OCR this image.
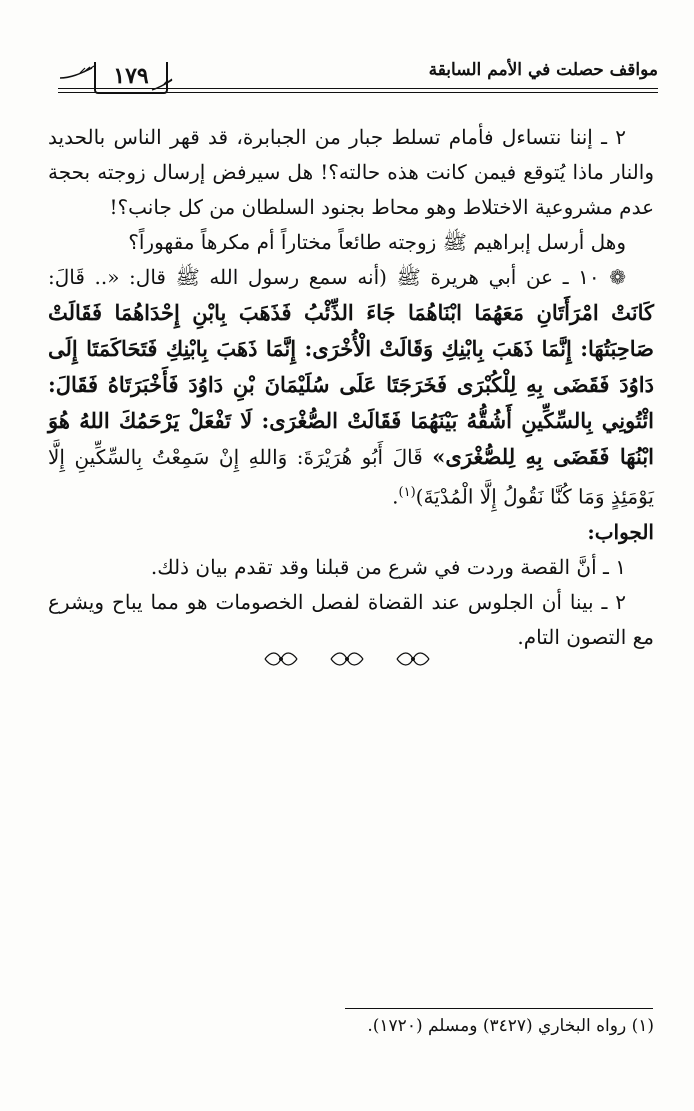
مواقف حصلت في الأمم السابقة
١٧٩

٢ ـ إننا نتساءل فأمام تسلط جبار من الجبابرة، قد قهر الناس بالحديد والنار ماذا يُتوقع فيمن كانت هذه حالته؟! هل سيرفض إرسال زوجته بحجة عدم مشروعية الاختلاط وهو محاط بجنود السلطان من كل جانب؟!

وهل أرسل إبراهيم ﷺ زوجته طائعاً مختاراً أم مكرهاً مقهوراً؟

❁ ١٠ ـ عن أبي هريرة ﷺ (أنه سمع رسول الله ﷺ قال: «.. قَالَ: كَانَتْ امْرَأَتَانِ مَعَهُمَا ابْنَاهُمَا جَاءَ الذِّئْبُ فَذَهَبَ بِابْنِ إِحْدَاهُمَا فَقَالَتْ صَاحِبَتُهَا: إِنَّمَا ذَهَبَ بِابْنِكِ وَقَالَتْ الْأُخْرَى: إِنَّمَا ذَهَبَ بِابْنِكِ فَتَحَاكَمَتَا إِلَى دَاوُدَ فَقَضَى بِهِ لِلْكُبْرَى فَخَرَجَتَا عَلَى سُلَيْمَانَ بْنِ دَاوُدَ فَأَخْبَرَتَاهُ فَقَالَ: ائْتُونِي بِالسِّكِّينِ أَشُقُّهُ بَيْنَهُمَا فَقَالَتْ الصُّغْرَى: لَا تَفْعَلْ يَرْحَمُكَ اللهُ هُوَ ابْنُهَا فَقَضَى بِهِ لِلصُّغْرَى» قَالَ أَبُو هُرَيْرَةَ: وَاللهِ إِنْ سَمِعْتُ بِالسِّكِّينِ إِلَّا يَوْمَئِذٍ وَمَا كُنَّا نَقُولُ إِلَّا الْمُدْيَةَ)$^{(١)}$.

الجواب:

١ ـ أنَّ القصة وردت في شرع من قبلنا وقد تقدم بيان ذلك.

٢ ـ بينا أن الجلوس عند القضاة لفصل الخصومات هو مما يباح ويشرع مع التصون التام.

(١) رواه البخاري (٣٤٢٧) ومسلم (١٧٢٠).
